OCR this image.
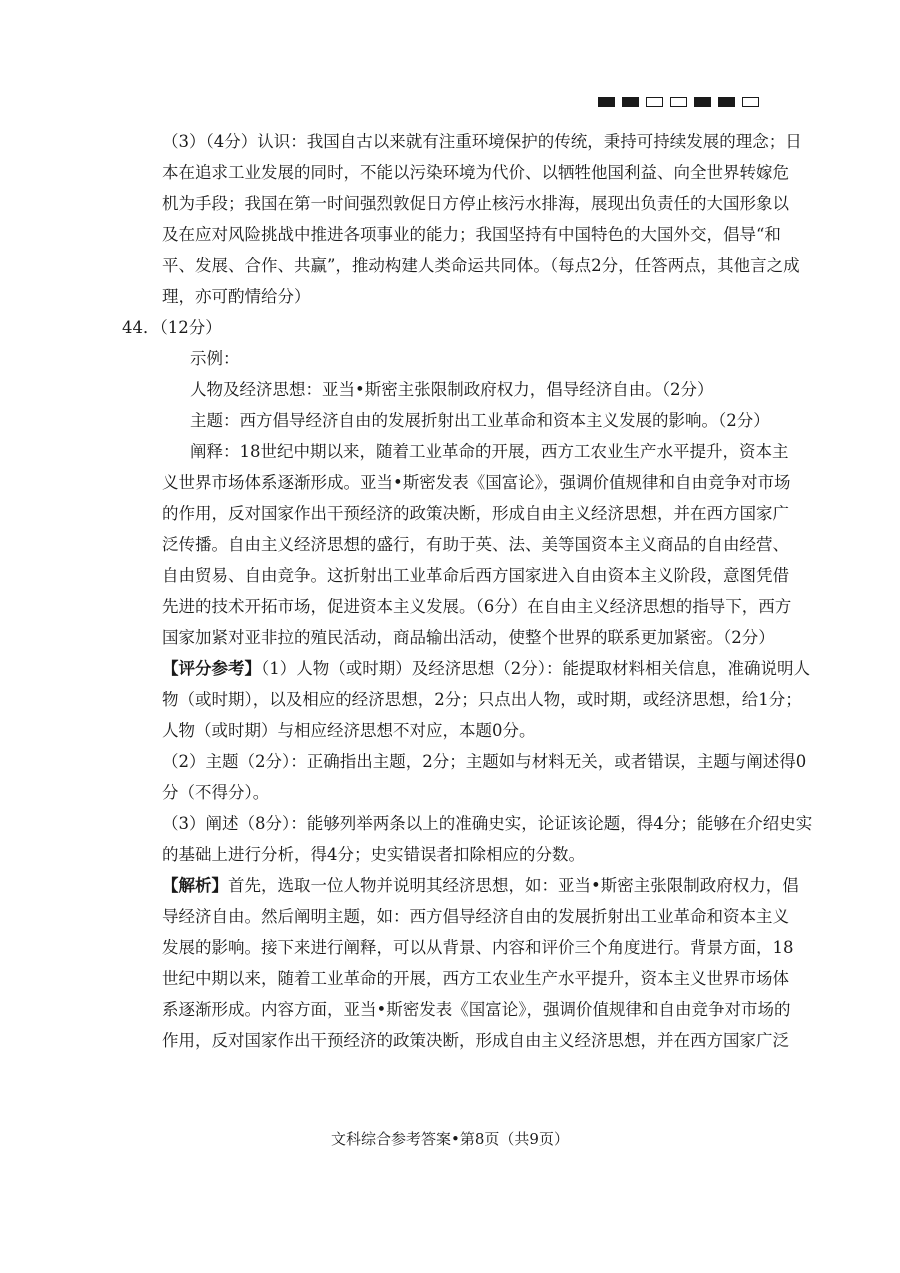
（3）（4分）认识：我国自古以来就有注重环境保护的传统，秉持可持续发展的理念；日
本在追求工业发展的同时，不能以污染环境为代价、以牺牲他国利益、向全世界转嫁危
机为手段；我国在第一时间强烈敦促日方停止核污水排海，展现出负责任的大国形象以
及在应对风险挑战中推进各项事业的能力；我国坚持有中国特色的大国外交，倡导“和
平、发展、合作、共赢”，推动构建人类命运共同体。（每点2分，任答两点，其他言之成
理，亦可酌情给分）
44．（12分）
示例：
人物及经济思想：亚当•斯密主张限制政府权力，倡导经济自由。（2分）
主题：西方倡导经济自由的发展折射出工业革命和资本主义发展的影响。（2分）
阐释：18世纪中期以来，随着工业革命的开展，西方工农业生产水平提升，资本主
义世界市场体系逐渐形成。亚当•斯密发表《国富论》，强调价值规律和自由竞争对市场
的作用，反对国家作出干预经济的政策决断，形成自由主义经济思想，并在西方国家广
泛传播。自由主义经济思想的盛行，有助于英、法、美等国资本主义商品的自由经营、
自由贸易、自由竞争。这折射出工业革命后西方国家进入自由资本主义阶段，意图凭借
先进的技术开拓市场，促进资本主义发展。（6分）在自由主义经济思想的指导下，西方
国家加紧对亚非拉的殖民活动，商品输出活动，使整个世界的联系更加紧密。（2分）
【评分参考】（1）人物（或时期）及经济思想（2分）：能提取材料相关信息，准确说明人
物（或时期），以及相应的经济思想，2分；只点出人物，或时期，或经济思想，给1分；
人物（或时期）与相应经济思想不对应，本题0分。
（2）主题（2分）：正确指出主题，2分；主题如与材料无关，或者错误，主题与阐述得0
分（不得分）。
（3）阐述（8分）：能够列举两条以上的准确史实，论证该论题，得4分；能够在介绍史实
的基础上进行分析，得4分；史实错误者扣除相应的分数。
【解析】首先，选取一位人物并说明其经济思想，如：亚当•斯密主张限制政府权力，倡
导经济自由。然后阐明主题，如：西方倡导经济自由的发展折射出工业革命和资本主义
发展的影响。接下来进行阐释，可以从背景、内容和评价三个角度进行。背景方面，18
世纪中期以来，随着工业革命的开展，西方工农业生产水平提升，资本主义世界市场体
系逐渐形成。内容方面，亚当•斯密发表《国富论》，强调价值规律和自由竞争对市场的
作用，反对国家作出干预经济的政策决断，形成自由主义经济思想，并在西方国家广泛
文科综合参考答案•第8页（共9页）
